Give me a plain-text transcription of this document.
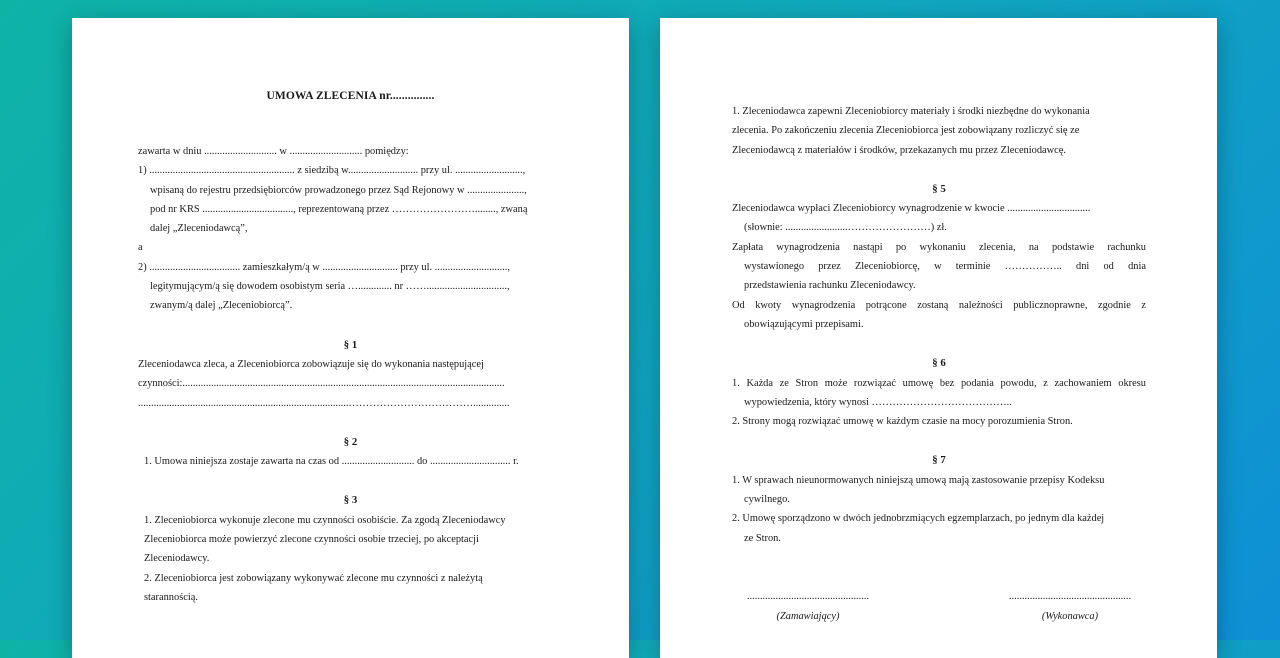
UMOWA ZLECENIA nr...............

zawarta w dniu ............................ w ............................ pomiędzy:

1) ........................................................ z siedzibą w........................... przy ul. ..........................,

wpisaną do rejestru przedsiębiorców prowadzonego przez Sąd Rejonowy w ......................,

pod nr KRS ..................................., reprezentowaną przez ……………………........, zwaną

dalej „Zleceniodawcą”,

a

2) ................................... zamieszkałym/ą w ............................. przy ul. ............................,

legitymującym/ą się dowodem osobistym seria …............. nr ……...............................,

zwanym/ą dalej „Zleceniobiorcą”.

§ 1

Zleceniodawca zleca, a Zleceniobiorca zobowiązuje się do wykonania następującej

czynności:............................................................................................................................

.................................................................................………………………………..............

§ 2

1. Umowa niniejsza zostaje zawarta na czas od ............................ do ............................... r.

§ 3

1. Zleceniobiorca wykonuje zlecone mu czynności osobiście. Za zgodą Zleceniodawcy

Zleceniobiorca może powierzyć zlecone czynności osobie trzeciej, po akceptacji

Zleceniodawcy.

2. Zleceniobiorca jest zobowiązany wykonywać zlecone mu czynności z należytą

starannością.

1. Zleceniodawca zapewni Zleceniobiorcy materiały i środki niezbędne do wykonania

zlecenia. Po zakończeniu zlecenia Zleceniobiorca jest zobowiązany rozliczyć się ze

Zleceniodawcą z materiałów i środków, przekazanych mu przez Zleceniodawcę.

§ 5

Zleceniodawca wypłaci Zleceniobiorcy wynagrodzenie w kwocie ................................

(słownie: ........................……………………) zł.

Zapłata wynagrodzenia nastąpi po wykonaniu zlecenia, na podstawie rachunku

wystawionego przez Zleceniobiorcę, w terminie …………….. dni od dnia

przedstawienia rachunku Zleceniodawcy.

Od kwoty wynagrodzenia potrącone zostaną należności publicznoprawne, zgodnie z

obowiązującymi przepisami.

§ 6

1. Każda ze Stron może rozwiązać umowę bez podania powodu, z zachowaniem okresu

wypowiedzenia, który wynosi …………………………………..

2. Strony mogą rozwiązać umowę w każdym czasie na mocy porozumienia Stron.

§ 7

1. W sprawach nieunormowanych niniejszą umową mają zastosowanie przepisy Kodeksu

cywilnego.

2. Umowę sporządzono w dwóch jednobrzmiących egzemplarzach, po jednym dla każdej

ze Stron.

...............................................
(Zamawiający)
...............................................
(Wykonawca)
